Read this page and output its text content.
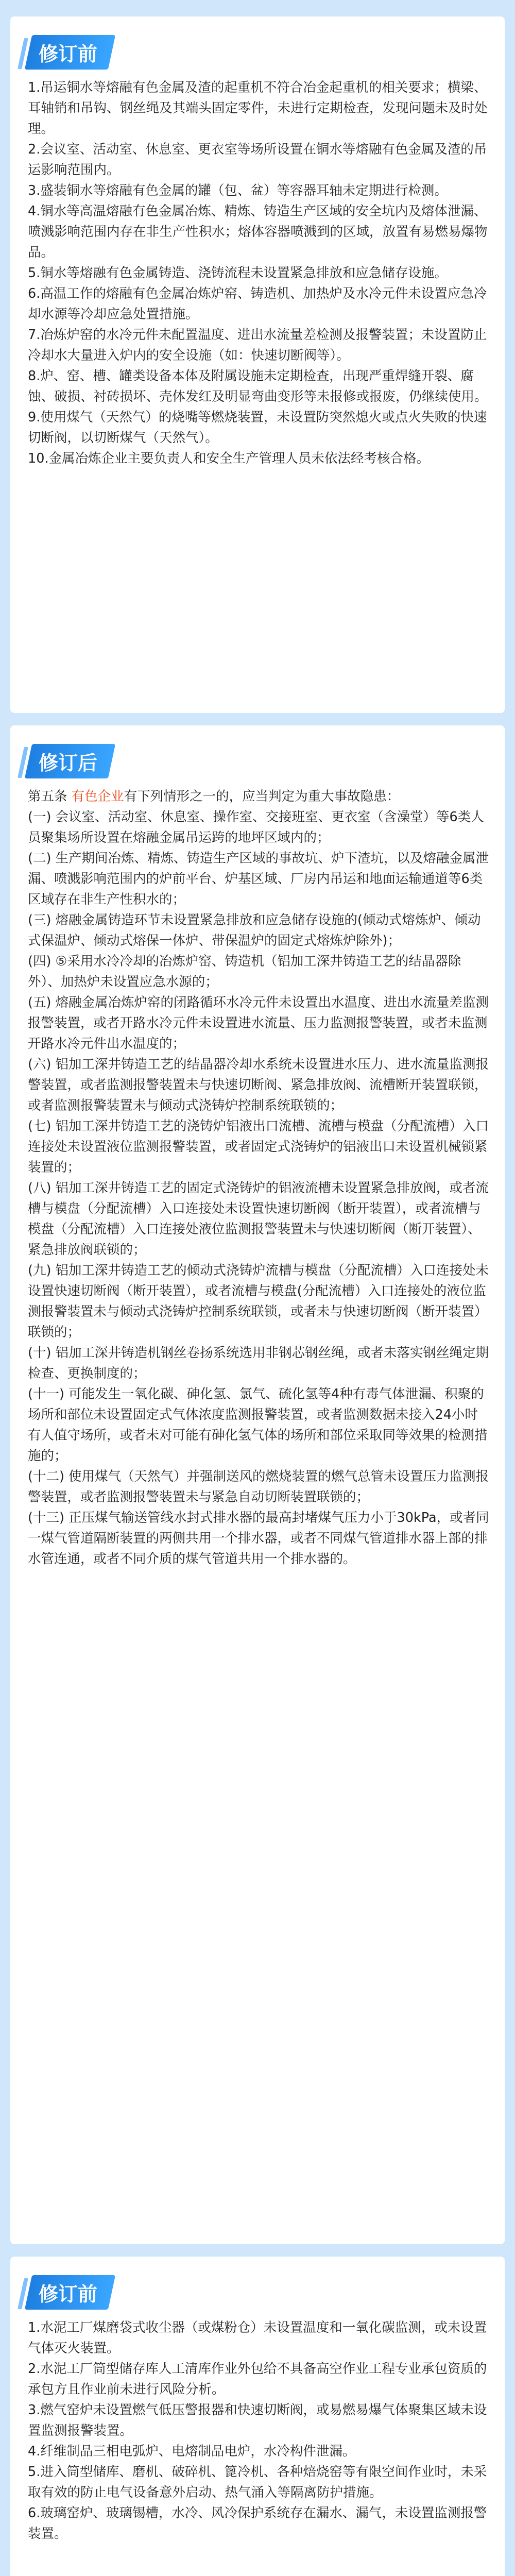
修订前

1.吊运铜水等熔融有色金属及渣的起重机不符合冶金起重机的相关要求；横梁、耳轴销和吊钩、钢丝绳及其端头固定零件，未进行定期检查，发现问题未及时处理。

2.会议室、活动室、休息室、更衣室等场所设置在铜水等熔融有色金属及渣的吊运影响范围内。

3.盛装铜水等熔融有色金属的罐（包、盆）等容器耳轴未定期进行检测。

4.铜水等高温熔融有色金属冶炼、精炼、铸造生产区域的安全坑内及熔体泄漏、喷溅影响范围内存在非生产性积水；熔体容器喷溅到的区域，放置有易燃易爆物品。

5.铜水等熔融有色金属铸造、浇铸流程未设置紧急排放和应急储存设施。

6.高温工作的熔融有色金属冶炼炉窑、铸造机、加热炉及水冷元件未设置应急冷却水源等冷却应急处置措施。

7.冶炼炉窑的水冷元件未配置温度、进出水流量差检测及报警装置；未设置防止冷却水大量进入炉内的安全设施（如：快速切断阀等）。

8.炉、窑、槽、罐类设备本体及附属设施未定期检查，出现严重焊缝开裂、腐蚀、破损、衬砖损坏、壳体发红及明显弯曲变形等未报修或报废，仍继续使用。

9.使用煤气（天然气）的烧嘴等燃烧装置，未设置防突然熄火或点火失败的快速切断阀，以切断煤气（天然气）。

10.金属冶炼企业主要负责人和安全生产管理人员未依法经考核合格。

修订后

第五条 有色企业有下列情形之一的，应当判定为重大事故隐患：

(一) 会议室、活动室、休息室、操作室、交接班室、更衣室（含澡堂）等6类人员聚集场所设置在熔融金属吊运跨的地坪区域内的；

(二) 生产期间冶炼、精炼、铸造生产区域的事故坑、炉下渣坑，以及熔融金属泄漏、喷溅影响范围内的炉前平台、炉基区域、厂房内吊运和地面运输通道等6类区域存在非生产性积水的；

(三) 熔融金属铸造环节未设置紧急排放和应急储存设施的(倾动式熔炼炉、倾动式保温炉、倾动式熔保一体炉、带保温炉的固定式熔炼炉除外)；

(四) ⑤采用水冷冷却的冶炼炉窑、铸造机（铝加工深井铸造工艺的结晶器除外）、加热炉未设置应急水源的；

(五) 熔融金属冶炼炉窑的闭路循环水冷元件未设置出水温度、进出水流量差监测报警装置，或者开路水冷元件未设置进水流量、压力监测报警装置，或者未监测开路水冷元件出水温度的；

(六) 铝加工深井铸造工艺的结晶器冷却水系统未设置进水压力、进水流量监测报警装置，或者监测报警装置未与快速切断阀、紧急排放阀、流槽断开装置联锁，或者监测报警装置未与倾动式浇铸炉控制系统联锁的；

(七) 铝加工深井铸造工艺的浇铸炉铝液出口流槽、流槽与模盘（分配流槽）入口连接处未设置液位监测报警装置，或者固定式浇铸炉的铝液出口未设置机械锁紧装置的；

(八) 铝加工深井铸造工艺的固定式浇铸炉的铝液流槽未设置紧急排放阀，或者流槽与模盘（分配流槽）入口连接处未设置快速切断阀（断开装置），或者流槽与模盘（分配流槽）入口连接处液位监测报警装置未与快速切断阀（断开装置）、紧急排放阀联锁的；

(九) 铝加工深井铸造工艺的倾动式浇铸炉流槽与模盘（分配流槽）入口连接处未设置快速切断阀（断开装置），或者流槽与模盘(分配流槽）入口连接处的液位监测报警装置未与倾动式浇铸炉控制系统联锁，或者未与快速切断阀（断开装置）联锁的；

(十) 铝加工深井铸造机钢丝卷扬系统选用非钢芯钢丝绳，或者未落实钢丝绳定期检查、更换制度的；

(十一) 可能发生一氧化碳、砷化氢、氯气、硫化氢等4种有毒气体泄漏、积聚的场所和部位未设置固定式气体浓度监测报警装置，或者监测数据未接入24小时有人值守场所，或者未对可能有砷化氢气体的场所和部位采取同等效果的检测措施的；

(十二) 使用煤气（天然气）并强制送风的燃烧装置的燃气总管未设置压力监测报警装置，或者监测报警装置未与紧急自动切断装置联锁的；

(十三) 正压煤气输送管线水封式排水器的最高封堵煤气压力小于30kPa，或者同一煤气管道隔断装置的两侧共用一个排水器，或者不同煤气管道排水器上部的排水管连通，或者不同介质的煤气管道共用一个排水器的。

修订前

1.水泥工厂煤磨袋式收尘器（或煤粉仓）未设置温度和一氧化碳监测，或未设置气体灭火装置。

2.水泥工厂筒型储存库人工清库作业外包给不具备高空作业工程专业承包资质的承包方且作业前未进行风险分析。

3.燃气窑炉未设置燃气低压警报器和快速切断阀，或易燃易爆气体聚集区域未设置监测报警装置。

4.纤维制品三相电弧炉、电熔制品电炉，水冷构件泄漏。

5.进入筒型储库、磨机、破碎机、篦冷机、各种焙烧窑等有限空间作业时，未采取有效的防止电气设备意外启动、热气涌入等隔离防护措施。

6.玻璃窑炉、玻璃锡槽，水冷、风冷保护系统存在漏水、漏气，未设置监测报警装置。
